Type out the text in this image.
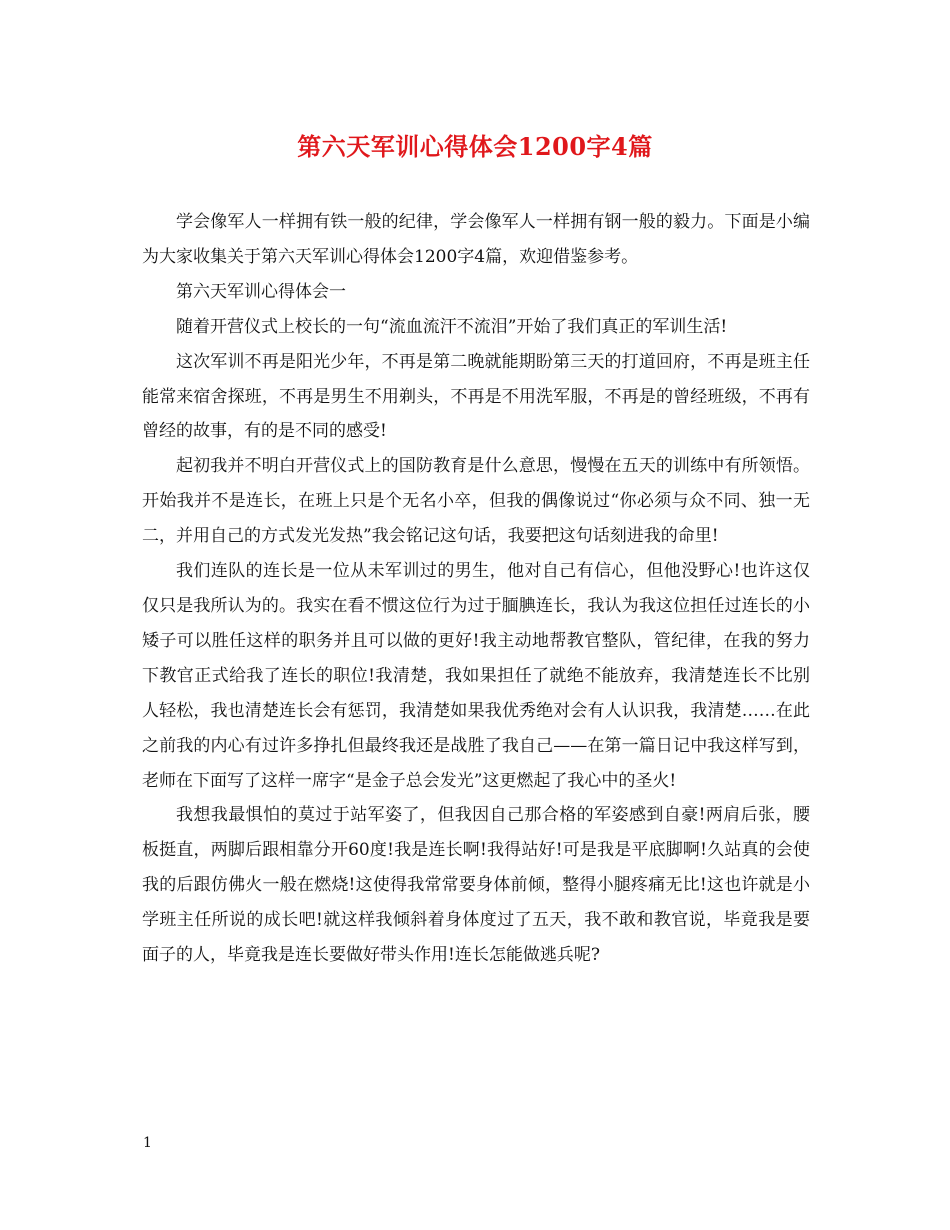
第六天军训心得体会1200字4篇

学会像军人一样拥有铁一般的纪律，学会像军人一样拥有钢一般的毅力。下面是小编为大家收集关于第六天军训心得体会1200字4篇，欢迎借鉴参考。

第六天军训心得体会一

随着开营仪式上校长的一句“流血流汗不流泪”开始了我们真正的军训生活!

这次军训不再是阳光少年，不再是第二晚就能期盼第三天的打道回府，不再是班主任能常来宿舍探班，不再是男生不用剃头，不再是不用洗军服，不再是的曾经班级，不再有曾经的故事，有的是不同的感受!

起初我并不明白开营仪式上的国防教育是什么意思，慢慢在五天的训练中有所领悟。开始我并不是连长，在班上只是个无名小卒，但我的偶像说过“你必须与众不同、独一无二，并用自己的方式发光发热”我会铭记这句话，我要把这句话刻进我的命里!

我们连队的连长是一位从未军训过的男生，他对自己有信心，但他没野心!也许这仅仅只是我所认为的。我实在看不惯这位行为过于腼腆连长，我认为我这位担任过连长的小矮子可以胜任这样的职务并且可以做的更好!我主动地帮教官整队，管纪律，在我的努力下教官正式给我了连长的职位!我清楚，我如果担任了就绝不能放弃，我清楚连长不比别人轻松，我也清楚连长会有惩罚，我清楚如果我优秀绝对会有人认识我，我清楚……在此之前我的内心有过许多挣扎但最终我还是战胜了我自己——在第一篇日记中我这样写到，老师在下面写了这样一席字“是金子总会发光”这更燃起了我心中的圣火!

我想我最惧怕的莫过于站军姿了，但我因自己那合格的军姿感到自豪!两肩后张，腰板挺直，两脚后跟相靠分开60度!我是连长啊!我得站好!可是我是平底脚啊!久站真的会使我的后跟仿佛火一般在燃烧!这使得我常常要身体前倾，整得小腿疼痛无比!这也许就是小学班主任所说的成长吧!就这样我倾斜着身体度过了五天，我不敢和教官说，毕竟我是要面子的人，毕竟我是连长要做好带头作用!连长怎能做逃兵呢?

1
